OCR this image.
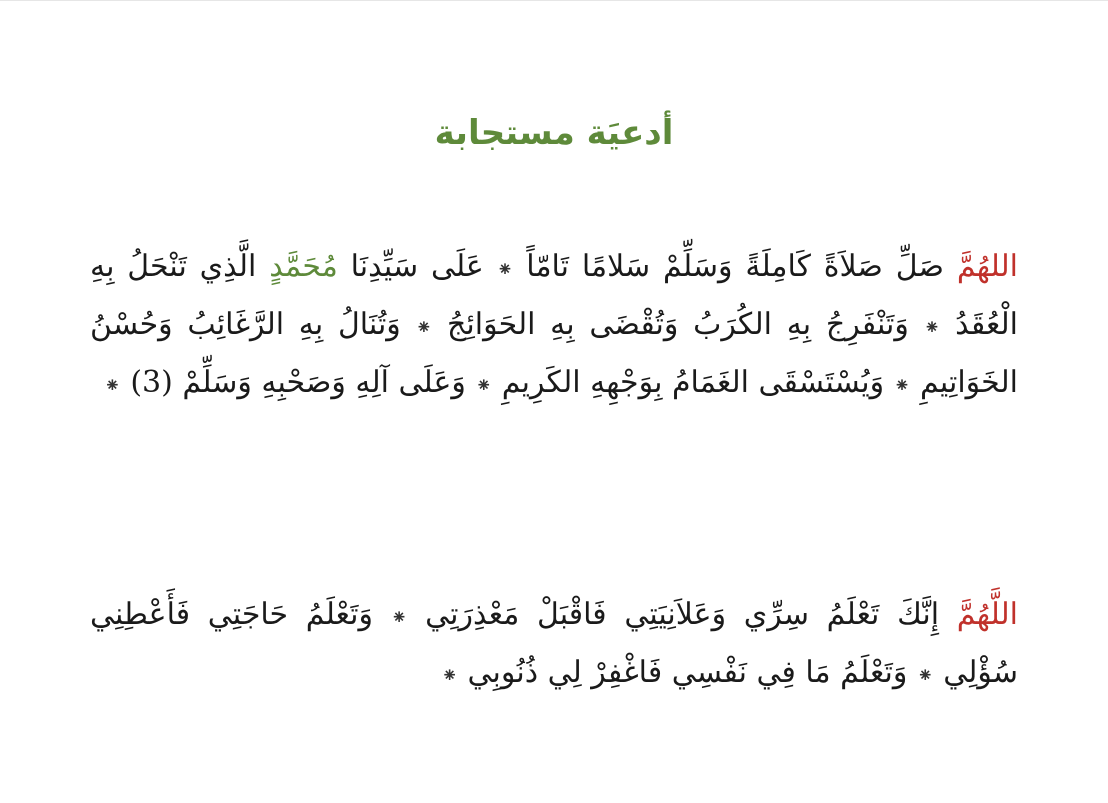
أدعيَة مستجابة

اللهُمَّ صَلِّ صَلاَةً كَامِلَةً وَسَلِّمْ سَلامًا تَامّاً ⁕ عَلَى سَيِّدِنَا مُحَمَّدٍ الَّذِي تَنْحَلُ بِهِ الْعُقَدُ ⁕ وَتَنْفَرِجُ بِهِ الكُرَبُ وَتُقْضَى بِهِ الحَوَائِجُ ⁕ وَتُنَالُ بِهِ الرَّغَائِبُ وَحُسْنُ الخَوَاتِيمِ ⁕ وَيُسْتَسْقَى الغَمَامُ بِوَجْهِهِ الكَرِيمِ ⁕ وَعَلَى آلِهِ وَصَحْبِهِ وَسَلِّمْ (3) ⁕

اللَّهُمَّ إِنَّكَ تَعْلَمُ سِرِّي وَعَلاَنِيَتِي فَاقْبَلْ مَعْذِرَتِي ⁕ وَتَعْلَمُ حَاجَتِي فَأَعْطِنِي سُؤْلِي ⁕ وَتَعْلَمُ مَا فِي نَفْسِي فَاغْفِرْ لِي ذُنُوبِي ⁕
